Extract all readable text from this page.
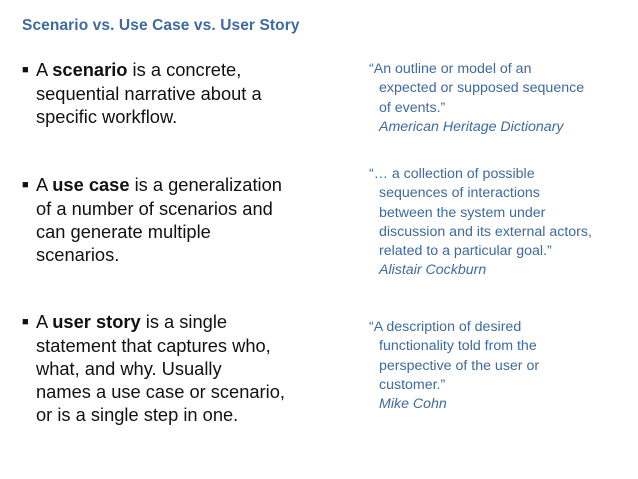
Scenario vs. Use Case vs. User Story
■ A scenario is a concrete,
sequential narrative about a
specific workflow.
■ A use case is a generalization
of a number of scenarios and
can generate multiple
scenarios.
■ A user story is a single
statement that captures who,
what, and why. Usually
names a use case or scenario,
or is a single step in one.
“An outline or model of an
expected or supposed sequence
of events.”
American Heritage Dictionary
“… a collection of possible
sequences of interactions
between the system under
discussion and its external actors,
related to a particular goal.”
Alistair Cockburn
“A description of desired
functionality told from the
perspective of the user or
customer.”
Mike Cohn
